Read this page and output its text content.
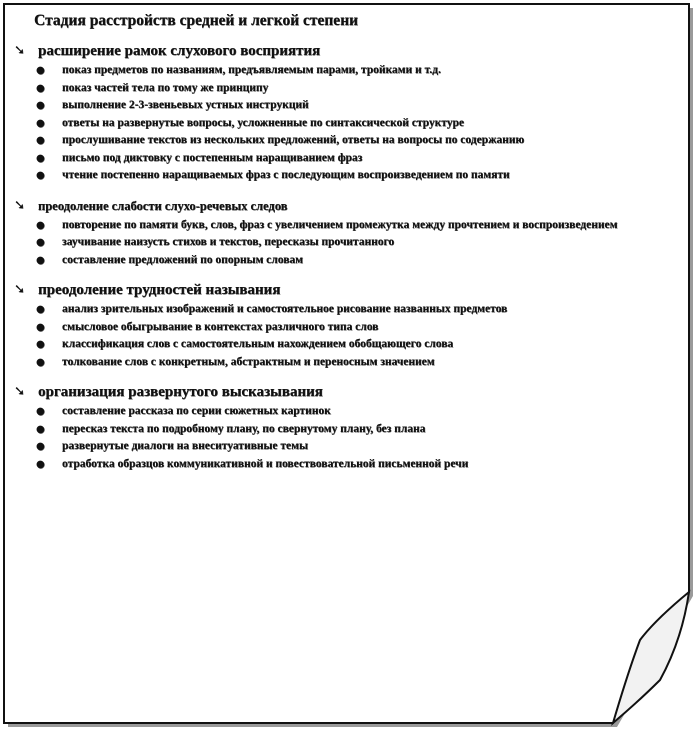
Стадия расстройств средней и легкой степени
➘ расширение рамок слухового восприятия
●	показ предметов по названиям, предъявляемым парами, тройками и т.д.
●	показ частей тела по тому же принципу
●	выполнение 2-3-звеньевых устных инструкций
●	ответы на развернутые вопросы, усложненные по синтаксической структуре
●	прослушивание текстов из нескольких предложений, ответы на вопросы по содержанию
●	письмо под диктовку с постепенным наращиванием фраз
●	чтение постепенно наращиваемых фраз с последующим воспроизведением по памяти
➘	преодоление слабости слухо-речевых следов
●	повторение по памяти букв, слов, фраз с увеличением промежутка между прочтением и воспроизведением
●	заучивание наизусть стихов и текстов, пересказы прочитанного
●	составление предложений по опорным словам
➘ преодоление трудностей называния
●	анализ зрительных изображений и самостоятельное рисование названных предметов
●	смысловое обыгрывание в контекстах различного типа слов
●	классификация слов с самостоятельным нахождением обобщающего слова
●	толкование слов с конкретным, абстрактным и переносным значением
➘ организация развернутого высказывания
●	составление рассказа по серии сюжетных картинок
●	пересказ текста по подробному плану, по свернутому плану, без плана
●	развернутые диалоги на внеситуативные темы
●	отработка образцов коммуникативной и повествовательной письменной речи
